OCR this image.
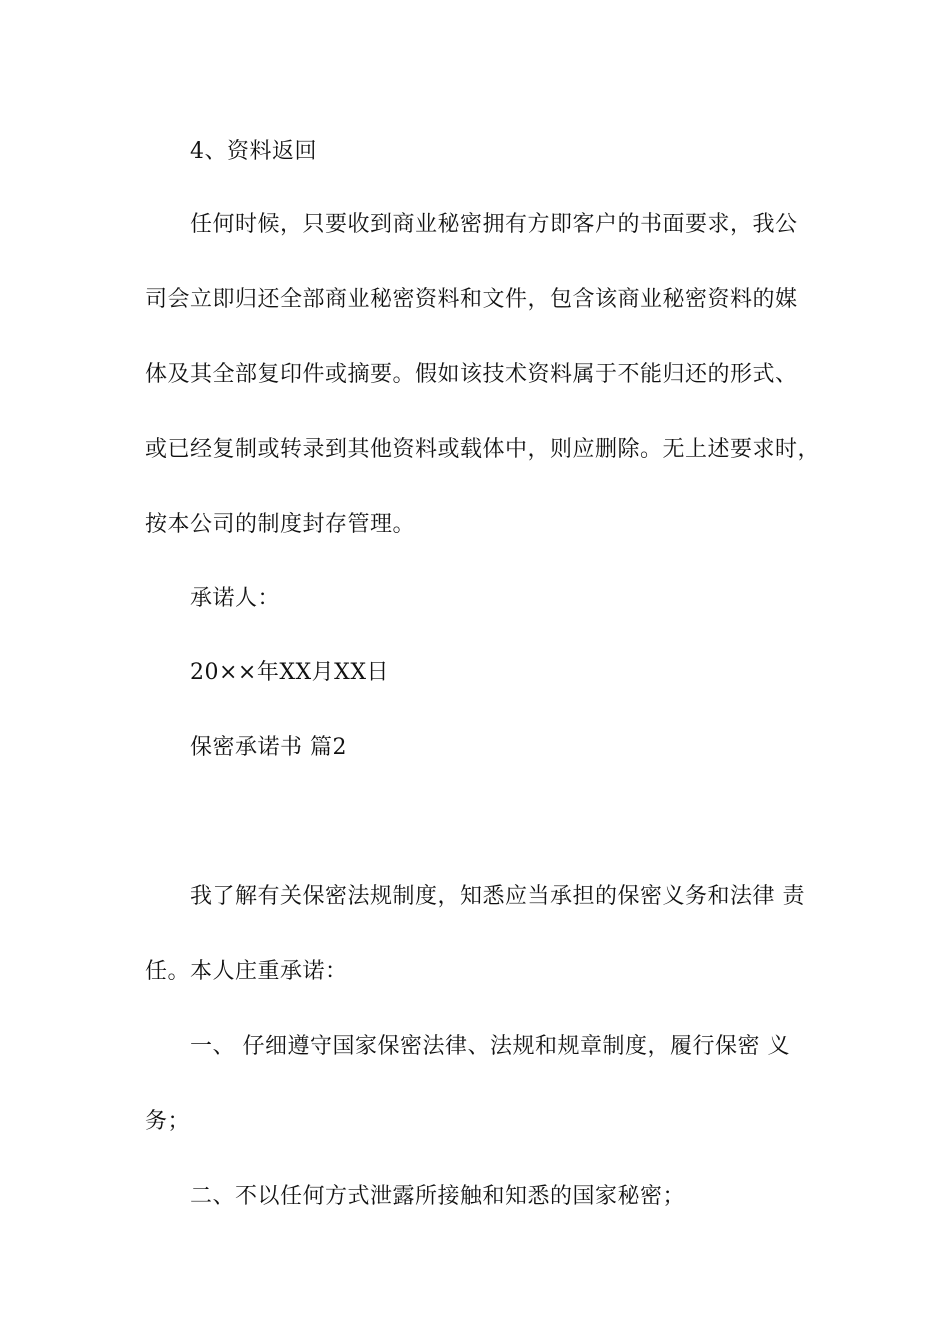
4、资料返回
任何时候，只要收到商业秘密拥有方即客户的书面要求，我公
司会立即归还全部商业秘密资料和文件，包含该商业秘密资料的媒
体及其全部复印件或摘要。假如该技术资料属于不能归还的形式、
或已经复制或转录到其他资料或载体中，则应删除。无上述要求时，
按本公司的制度封存管理。
承诺人：
20××年XX月XX日
保密承诺书 篇2
我了解有关保密法规制度，知悉应当承担的保密义务和法律 责
任。本人庄重承诺：
一、 仔细遵守国家保密法律、法规和规章制度，履行保密 义
务；
二、不以任何方式泄露所接触和知悉的国家秘密；
